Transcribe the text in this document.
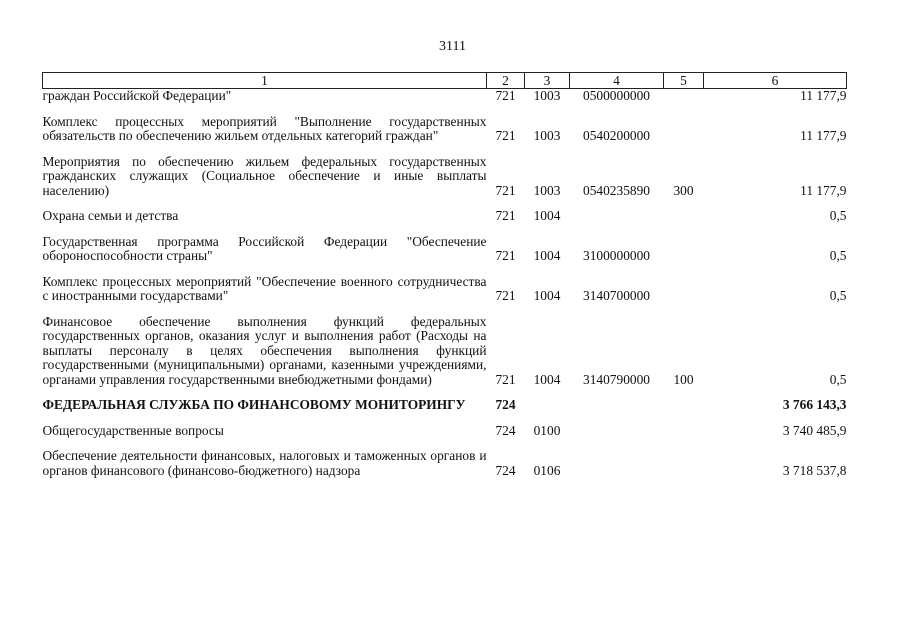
3111
1	2	3	4	5	6
граждан Российской Федерации"	721	1003	0500000000		11 177,9

Комплекс процессных мероприятий "Выполнение государственных обязательств по обеспечению жильем отдельных категорий граждан"	721	1003	0540200000		11 177,9

Мероприятия по обеспечению жильем федеральных государственных гражданских служащих (Социальное обеспечение и иные выплаты населению)	721	1003	0540235890	300	11 177,9

Охрана семьи и детства	721	1004			0,5

Государственная программа Российской Федерации "Обеспечение обороноспособности страны"	721	1004	3100000000		0,5

Комплекс процессных мероприятий "Обеспечение военного сотрудничества с иностранными государствами"	721	1004	3140700000		0,5

Финансовое обеспечение выполнения функций федеральных государственных органов, оказания услуг и выполнения работ (Расходы на выплаты персоналу в целях обеспечения выполнения функций государственными (муниципальными) органами, казенными учреждениями, органами управления государственными внебюджетными фондами)	721	1004	3140790000	100	0,5

ФЕДЕРАЛЬНАЯ СЛУЖБА ПО ФИНАНСОВОМУ МОНИТОРИНГУ	724				3 766 143,3

Общегосударственные вопросы	724	0100			3 740 485,9

Обеспечение деятельности финансовых, налоговых и таможенных органов и органов финансового (финансово-бюджетного) надзора	724	0106			3 718 537,8
